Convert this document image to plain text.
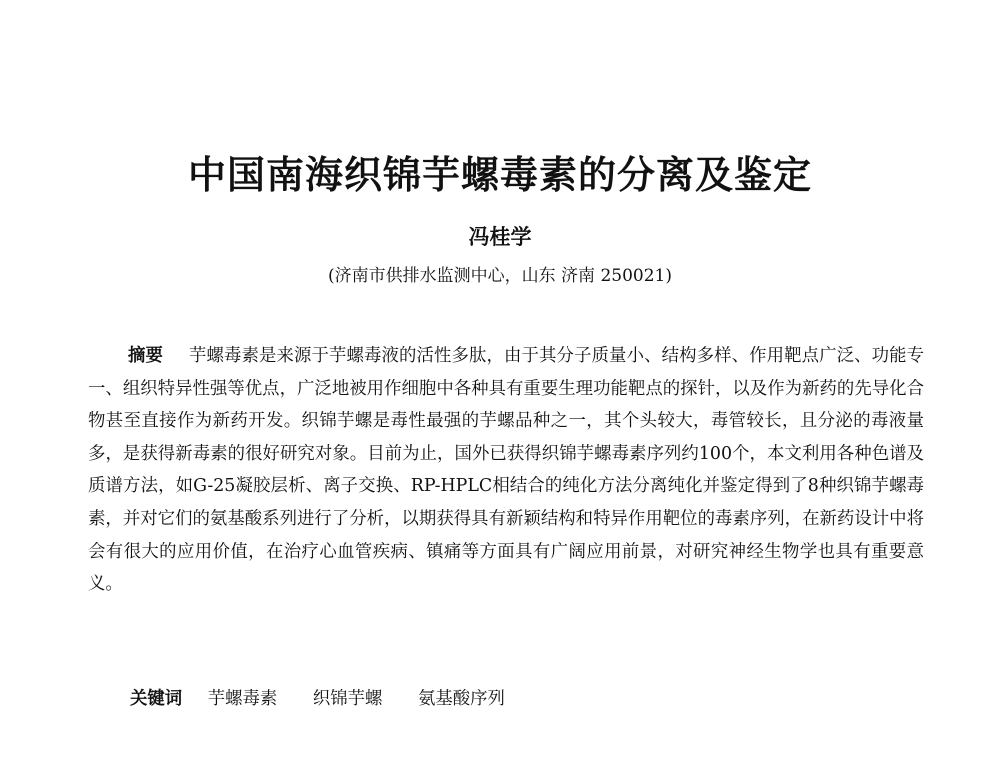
中国南海织锦芋螺毒素的分离及鉴定
冯桂学
(济南市供排水监测中心，山东 济南 250021)

摘要 芋螺毒素是来源于芋螺毒液的活性多肽，由于其分子质量小、结构多样、作用靶点广泛、功能专一、组织特异性强等优点，广泛地被用作细胞中各种具有重要生理功能靶点的探针，以及作为新药的先导化合物甚至直接作为新药开发。织锦芋螺是毒性最强的芋螺品种之一，其个头较大，毒管较长，且分泌的毒液量多，是获得新毒素的很好研究对象。目前为止，国外已获得织锦芋螺毒素序列约100个，本文利用各种色谱及质谱方法，如G-25凝胶层析、离子交换、RP-HPLC相结合的纯化方法分离纯化并鉴定得到了8种织锦芋螺毒素，并对它们的氨基酸系列进行了分析，以期获得具有新颖结构和特异作用靶位的毒素序列，在新药设计中将会有很大的应用价值，在治疗心血管疾病、镇痛等方面具有广阔应用前景，对研究神经生物学也具有重要意义。

关键词 芋螺毒素 织锦芋螺 氨基酸序列
